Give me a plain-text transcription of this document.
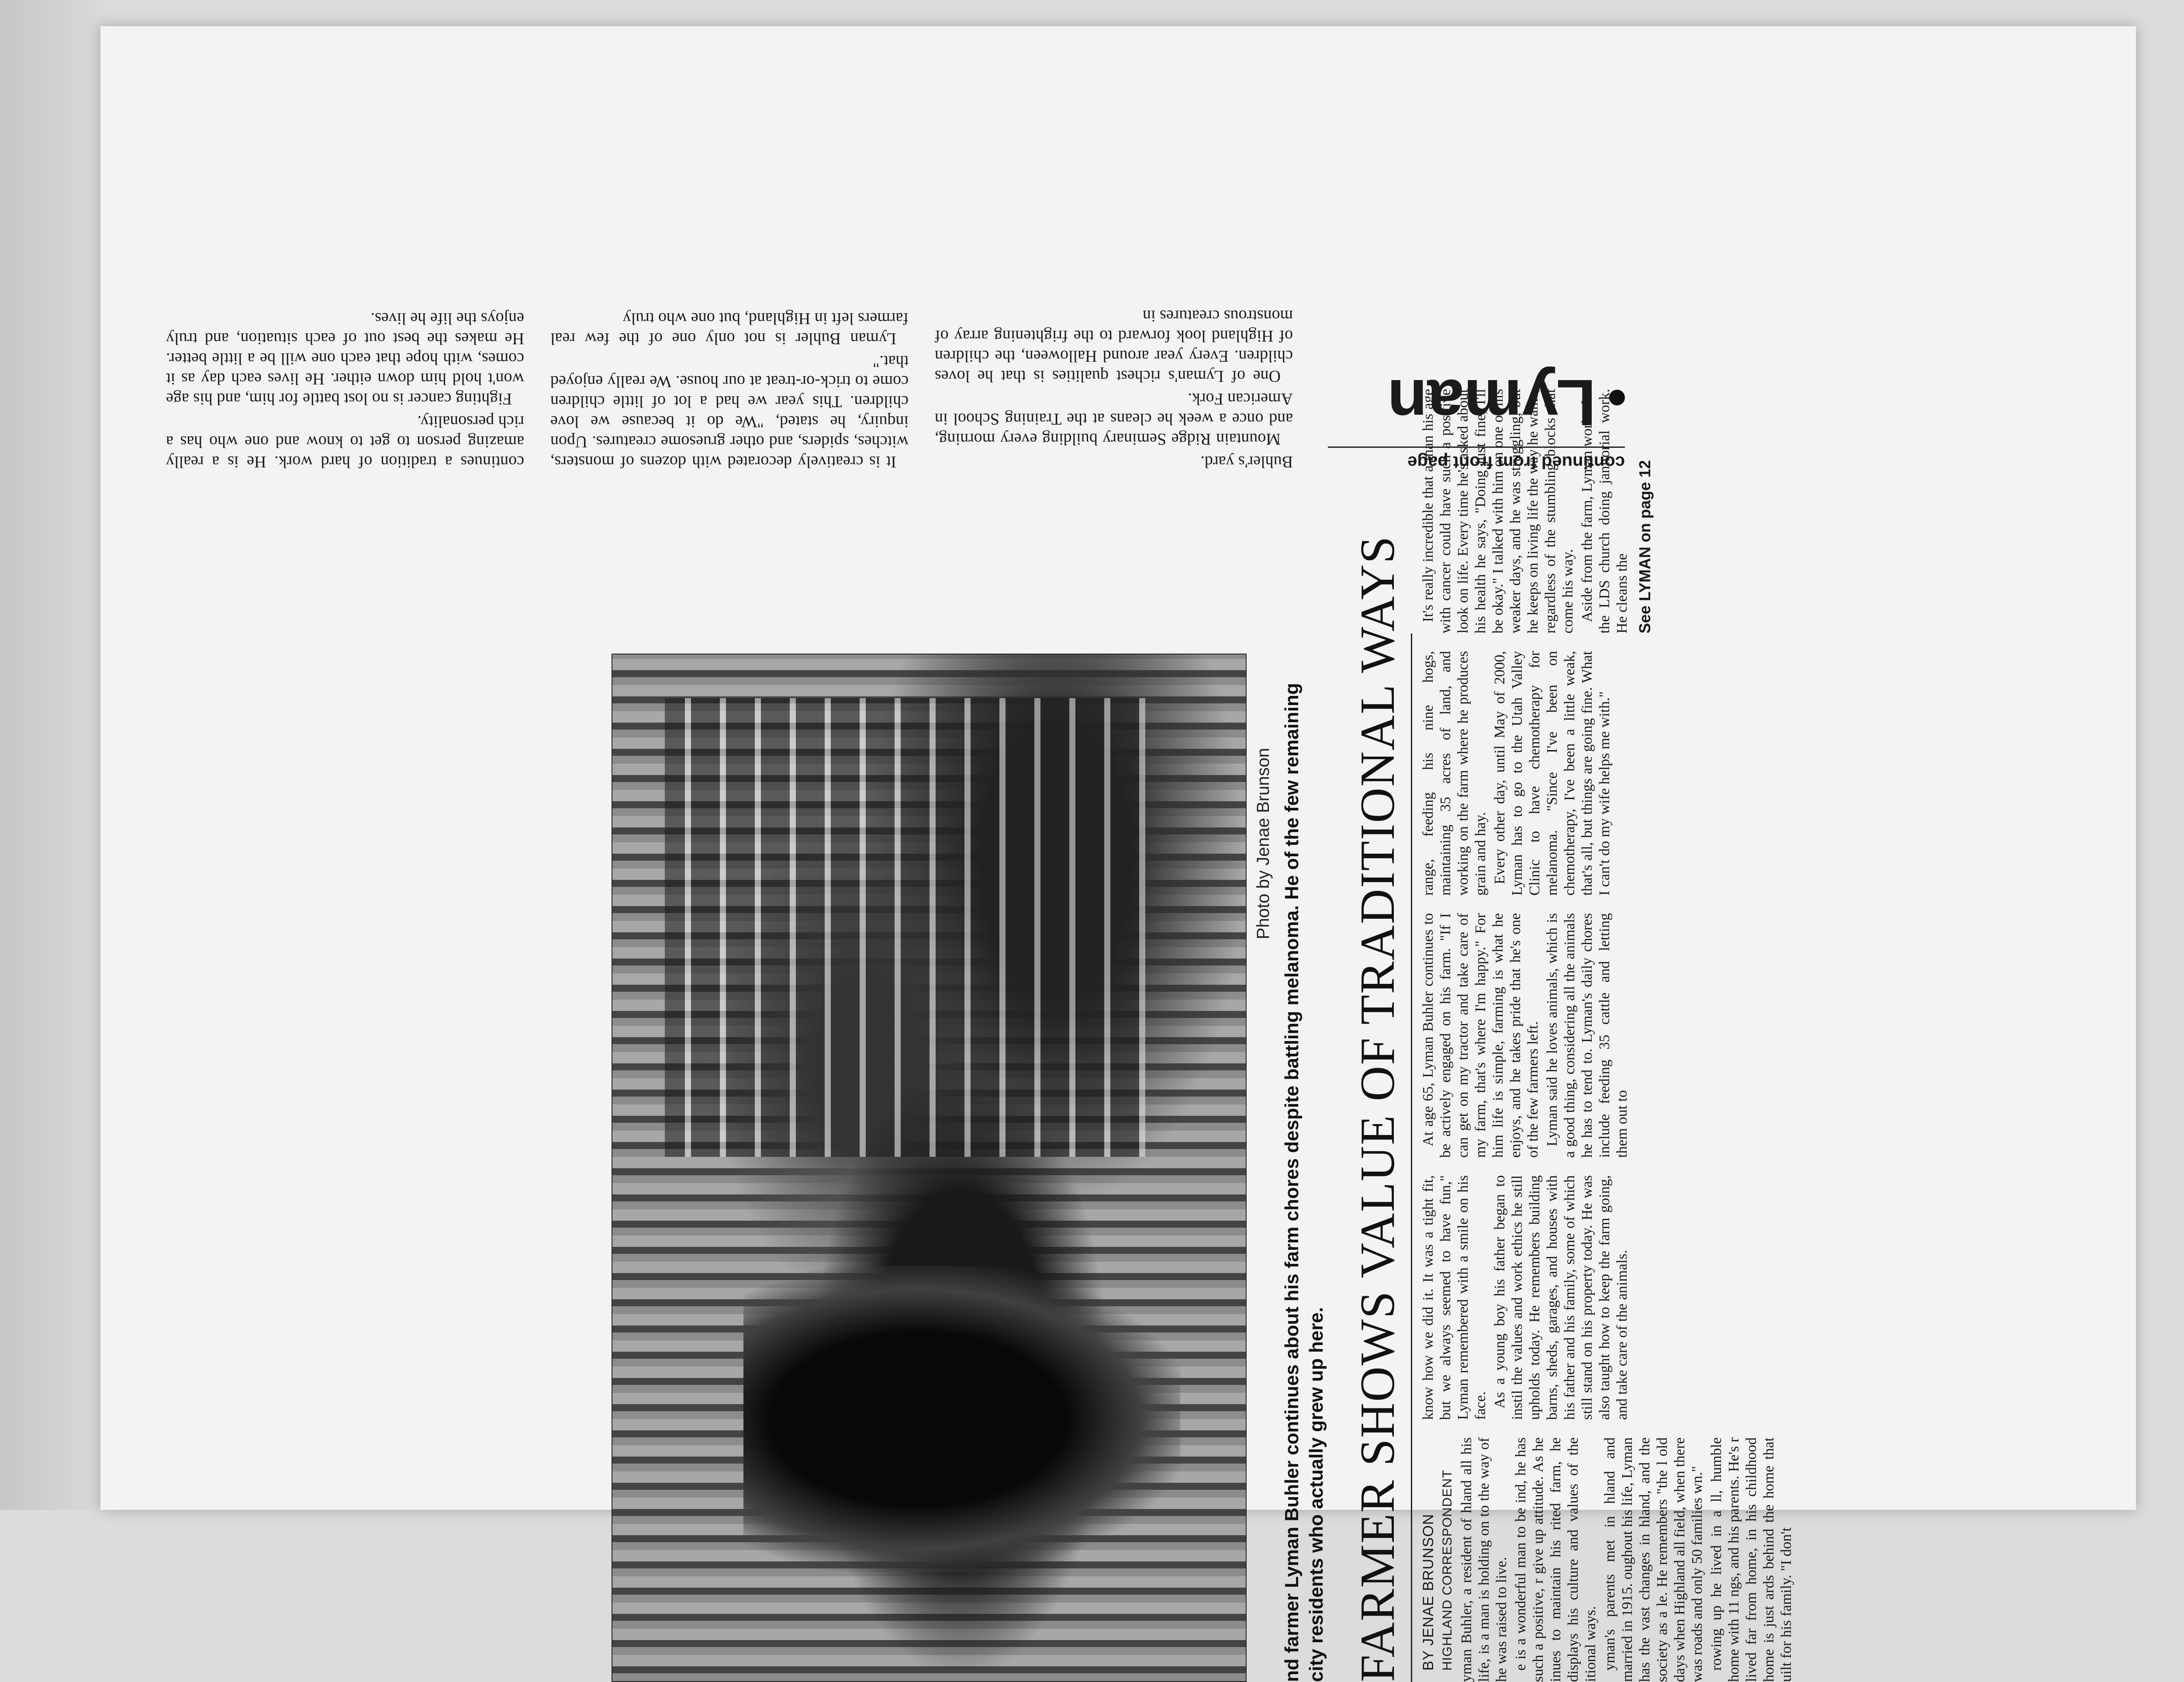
continued from front page

Lyman

Buhler's yard.

Mountain Ridge Seminary building every morning, and once a week he cleans at the Training School in American Fork.

One of Lyman's richest qualities is that he loves children. Every year around Halloween, the children of Highland look forward to the frightening array of monstrous creatures in

It is creatively decorated with dozens of monsters, witches, spiders, and other gruesome creatures. Upon inquiry, he stated, "We do it because we love children. This year we had a lot of little children come to trick-or-treat at our house. We really enjoyed that."

Lyman Buhler is not only one of the few real farmers left in Highland, but one who truly

continues a tradition of hard work. He is a really amazing person to get to know and one who has a rich personality.

Fighting cancer is no lost battle for him, and his age won't hold him down either. He lives each day as it comes, with hope that each one will be a little better. He makes the best out of each situation, and truly enjoys the life he lives.

Photo by Jenae Brunson nd farmer Lyman Buhler continues about his farm chores despite battling melanoma. He of the few remaining city residents who actually grew up here. FARMER SHOWS VALUE OF TRADITIONAL WAYS BY JENAE BRUNSON HIGHLAND CORRESPONDENT yman Buhler, a resident of hland all his life, is a man is holding on to the way of he was raised to live. e is a wonderful man to be ind, he has such a positive, r give up attitude. As he inues to maintain his rited farm, he displays his culture and values of the itional ways. yman's parents met in hland and married in 1915. oughout his life, Lyman has the vast changes in hland, and the society as a le. He remembers "the l old days when Highland all field, when there was roads and only 50 families wn." rowing up he lived in a ll, humble home with 11 ngs, and his parents. He's r lived far from home, in his childhood home is just ards behind the home that uilt for his family. "I don't

know how we did it. It was a tight fit, but we always seemed to have fun," Lyman remembered with a smile on his face. As a young boy his father began to instil the values and work ethics he still upholds today. He remembers building barns, sheds, garages, and houses with his father and his family, some of which still stand on his property today. He was also taught how to keep the farm going, and take care of the animals.

At age 65, Lyman Buhler continues to be actively engaged on his farm. "If I can get on my tractor and take care of my farm, that's where I'm happy." For him life is simple, farming is what he enjoys, and he takes pride that he's one of the few farmers left. Lyman said he loves animals, which is a good thing, considering all the animals he has to tend to. Lyman's daily chores include feeding 35 cattle and letting them out to

range, feeding his nine hogs, maintaining 35 acres of land, and working on the farm where he produces grain and hay. Every other day, until May of 2000, Lyman has to go to the Utah Valley Clinic to have chemotherapy for melanoma. "Since I've been on chemotherapy, I've been a little weak, that's all, but things are going fine. What I can't do my wife helps me with."

It's really incredible that a man his age with cancer could have such a positive look on life. Every time he's asked about his health he says, "Doing just fine, I'll be okay." I talked with him on one of his weaker days, and he was struggling, but he keeps on living life the way he wants, regardless of the stumbling blocks that come his way. Aside from the farm, Lyman works for the LDS church doing janitorial work. He cleans the See LYMAN on page 12
